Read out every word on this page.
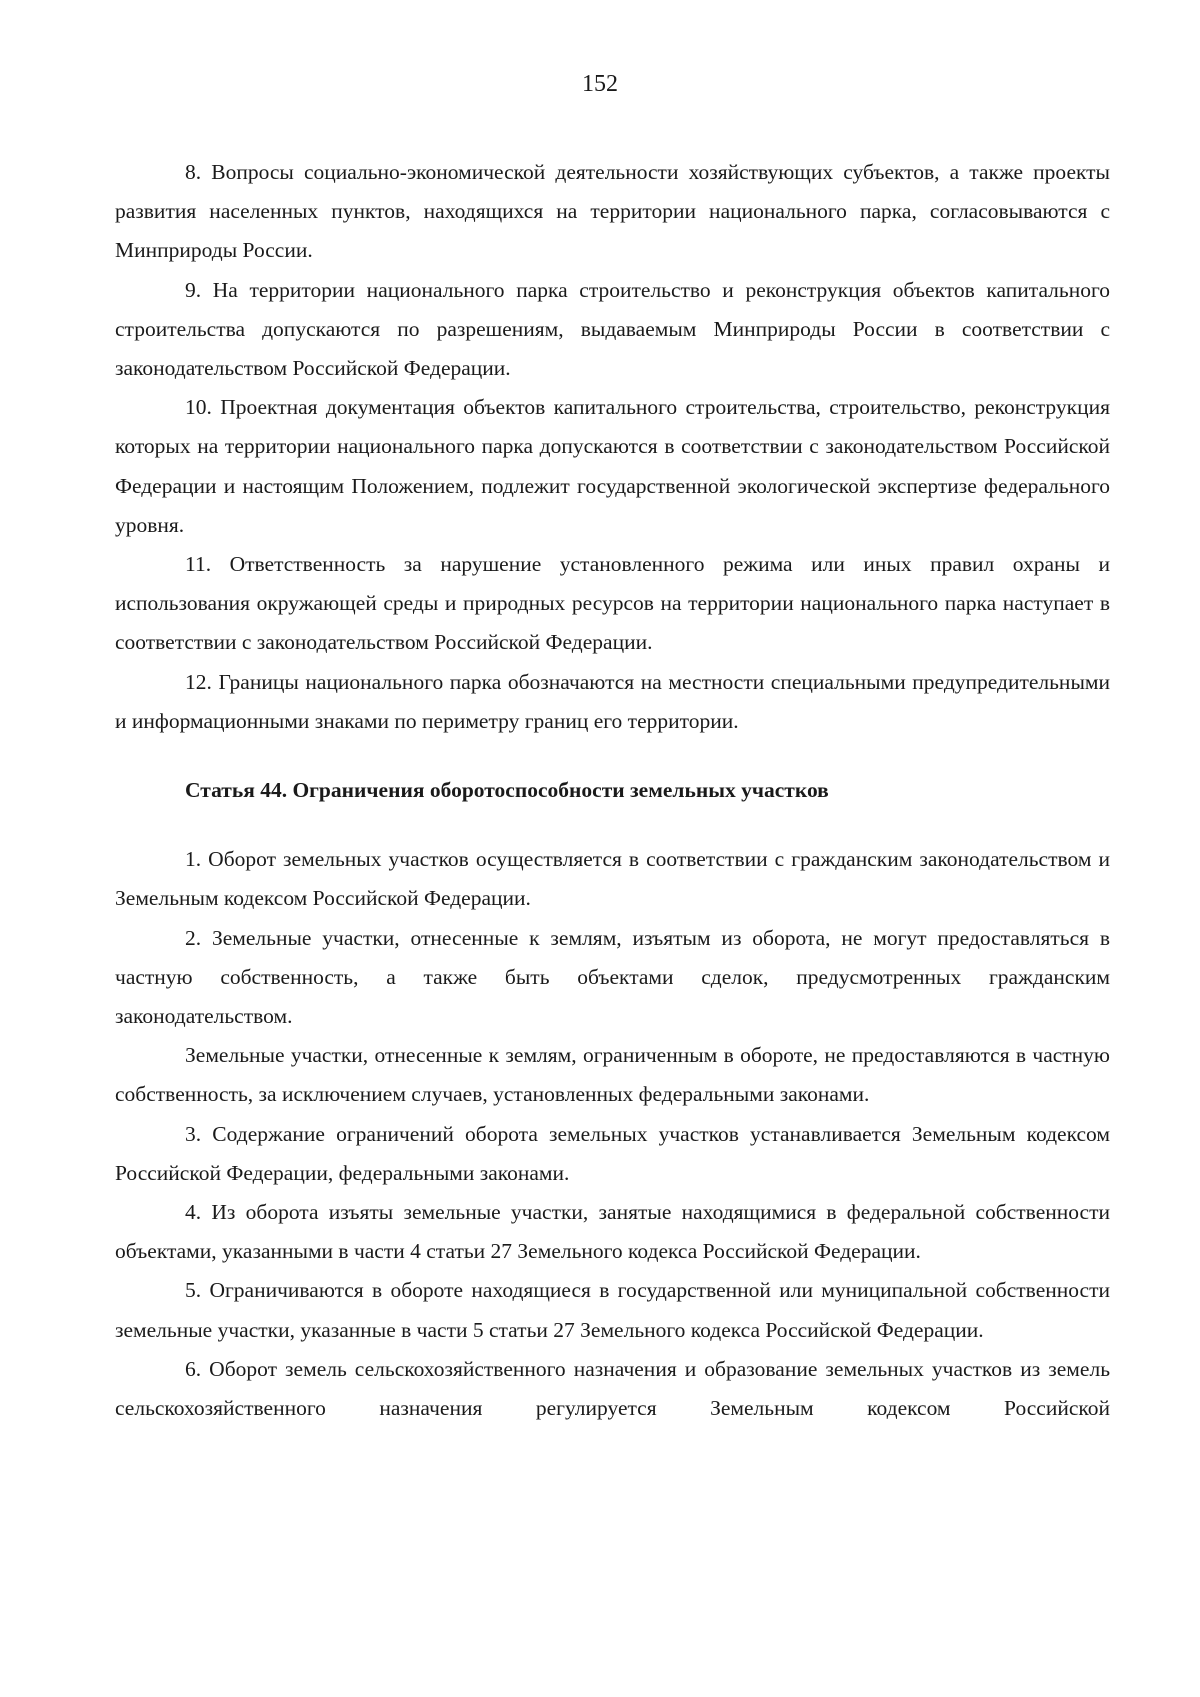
152

8. Вопросы социально-экономической деятельности хозяйствующих субъектов, а также проекты развития населенных пунктов, находящихся на территории национального парка, согласовываются с Минприроды России.

9. На территории национального парка строительство и реконструкция объектов капитального строительства допускаются по разрешениям, выдаваемым Минприроды России в соответствии с законодательством Российской Федерации.

10. Проектная документация объектов капитального строительства, строительство, реконструкция которых на территории национального парка допускаются в соответствии с законодательством Российской Федерации и настоящим Положением, подлежит государственной экологической экспертизе федерального уровня.

11. Ответственность за нарушение установленного режима или иных правил охраны и использования окружающей среды и природных ресурсов на территории национального парка наступает в соответствии с законодательством Российской Федерации.

12. Границы национального парка обозначаются на местности специальными предупредительными и информационными знаками по периметру границ его территории.

Статья 44. Ограничения оборотоспособности земельных участков

1. Оборот земельных участков осуществляется в соответствии с гражданским законодательством и Земельным кодексом Российской Федерации.

2. Земельные участки, отнесенные к землям, изъятым из оборота, не могут предоставляться в частную собственность, а также быть объектами сделок, предусмотренных гражданским законодательством.

Земельные участки, отнесенные к землям, ограниченным в обороте, не предоставляются в частную собственность, за исключением случаев, установленных федеральными законами.

3. Содержание ограничений оборота земельных участков устанавливается Земельным кодексом Российской Федерации, федеральными законами.

4. Из оборота изъяты земельные участки, занятые находящимися в федеральной собственности объектами, указанными в части 4 статьи 27 Земельного кодекса Российской Федерации.

5. Ограничиваются в обороте находящиеся в государственной или муниципальной собственности земельные участки, указанные в части 5 статьи 27 Земельного кодекса Российской Федерации.

6. Оборот земель сельскохозяйственного назначения и образование земельных участков из земель сельскохозяйственного назначения регулируется Земельным кодексом Российской
